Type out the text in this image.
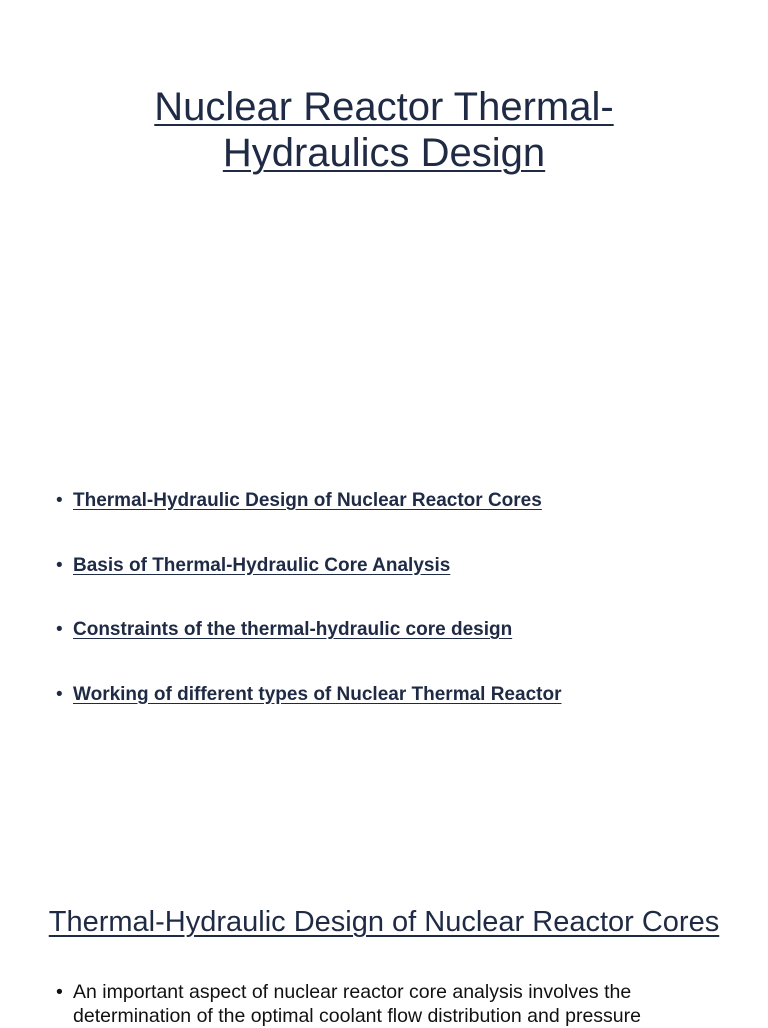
Nuclear Reactor Thermal-
Hydraulics Design
• Thermal-Hydraulic Design of Nuclear Reactor Cores
• Basis of Thermal-Hydraulic Core Analysis
• Constraints of the thermal-hydraulic core design
• Working of different types of Nuclear Thermal Reactor
Thermal-Hydraulic Design of Nuclear Reactor Cores
• An important aspect of nuclear reactor core analysis involves the determination of the optimal coolant flow distribution and pressure
